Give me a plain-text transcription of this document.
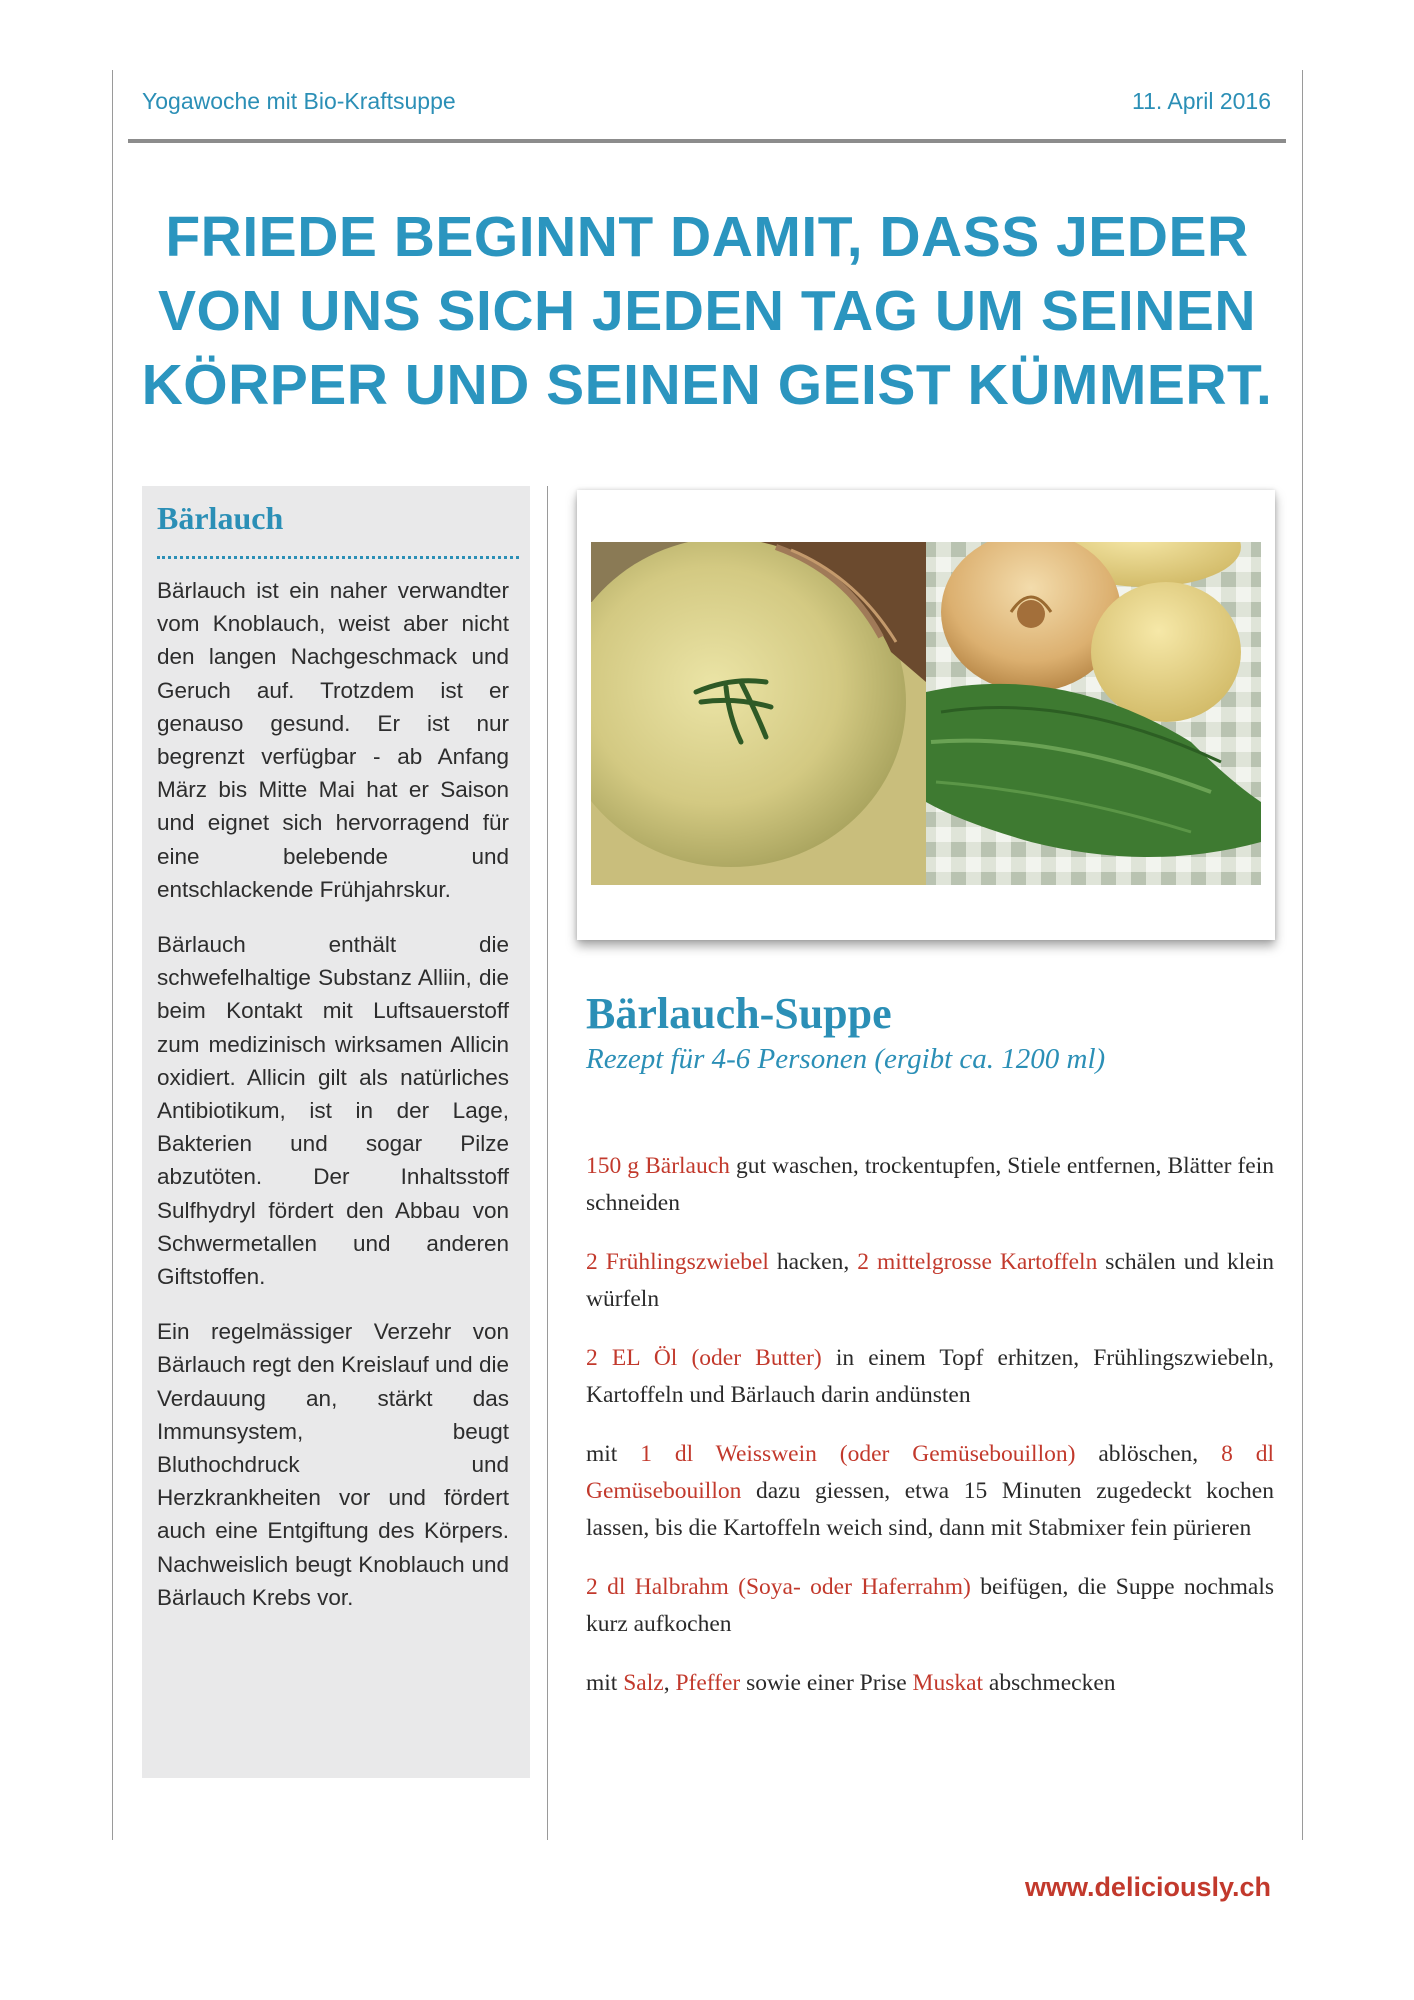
Yogawoche mit Bio-Kraftsuppe	11. April 2016
FRIEDE BEGINNT DAMIT, DASS JEDER
VON UNS SICH JEDEN TAG UM SEINEN
KÖRPER UND SEINEN GEIST KÜMMERT.
Bärlauch

Bärlauch ist ein naher verwandter vom Knoblauch, weist aber nicht den langen Nachgeschmack und Geruch auf. Trotzdem ist er genauso gesund. Er ist nur begrenzt verfügbar - ab Anfang März bis Mitte Mai hat er Saison und eignet sich hervorragend für eine belebende und entschlackende Frühjahrskur.

Bärlauch enthält die schwefelhaltige Substanz Alliin, die beim Kontakt mit Luftsauerstoff zum medizinisch wirksamen Allicin oxidiert. Allicin gilt als natürliches Antibiotikum, ist in der Lage, Bakterien und sogar Pilze abzutöten. Der Inhaltsstoff Sulfhydryl fördert den Abbau von Schwermetallen und anderen Giftstoffen.

Ein regelmässiger Verzehr von Bärlauch regt den Kreislauf und die Verdauung an, stärkt das Immunsystem, beugt Bluthochdruck und Herzkrankheiten vor und fördert auch eine Entgiftung des Körpers. Nachweislich beugt Knoblauch und Bärlauch Krebs vor.

Bärlauch-Suppe
Rezept für 4-6 Personen (ergibt ca. 1200 ml)
150 g Bärlauch gut waschen, trockentupfen, Stiele entfernen, Blätter fein schneiden
2 Frühlingszwiebel hacken, 2 mittelgrosse Kartoffeln schälen und klein würfeln
2 EL Öl (oder Butter) in einem Topf erhitzen, Frühlingszwiebeln, Kartoffeln und Bärlauch darin andünsten
mit 1 dl Weisswein (oder Gemüsebouillon) ablöschen, 8 dl Gemüsebouillon dazu giessen, etwa 15 Minuten zugedeckt kochen lassen, bis die Kartoffeln weich sind, dann mit Stabmixer fein pürieren
2 dl Halbrahm (Soya- oder Haferrahm) beifügen, die Suppe nochmals kurz aufkochen
mit Salz, Pfeffer sowie einer Prise Muskat abschmecken
www.deliciously.ch
